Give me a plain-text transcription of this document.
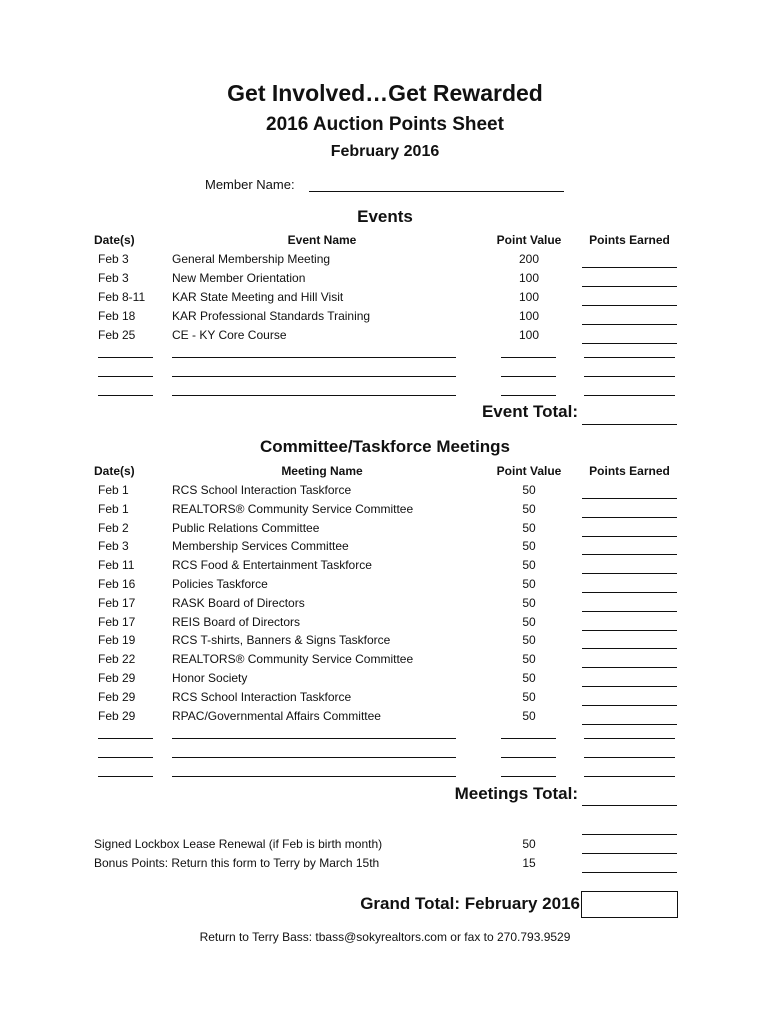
Get Involved…Get Rewarded
2016 Auction Points Sheet
February 2016
Member Name:
Events
Date(s)	Event Name	Point Value	Points Earned
Feb 3	General Membership Meeting	200
Feb 3	New Member Orientation	100
Feb 8-11 KAR State Meeting and Hill Visit	100
Feb 18	KAR Professional Standards Training	100
Feb 25	CE - KY Core Course	100
Event Total:
Committee/Taskforce Meetings
Date(s)	Meeting Name	Point Value	Points Earned
Feb 1	RCS School Interaction Taskforce	50
Feb 1	REALTORS® Community Service Committee	50
Feb 2	Public Relations Committee	50
Feb 3	Membership Services Committee	50
Feb 11	RCS Food & Entertainment Taskforce	50
Feb 16	Policies Taskforce	50
Feb 17	RASK Board of Directors	50
Feb 17	REIS Board of Directors	50
Feb 19	RCS T-shirts, Banners & Signs Taskforce	50
Feb 22	REALTORS® Community Service Committee	50
Feb 29	Honor Society	50
Feb 29	RCS School Interaction Taskforce	50
Feb 29	RPAC/Governmental Affairs Committee	50
Meetings Total:
Signed Lockbox Lease Renewal (if Feb is birth month)	50
Bonus Points: Return this form to Terry by March 15th	15
Grand Total: February 2016
Return to Terry Bass: tbass@sokyrealtors.com or fax to 270.793.9529
